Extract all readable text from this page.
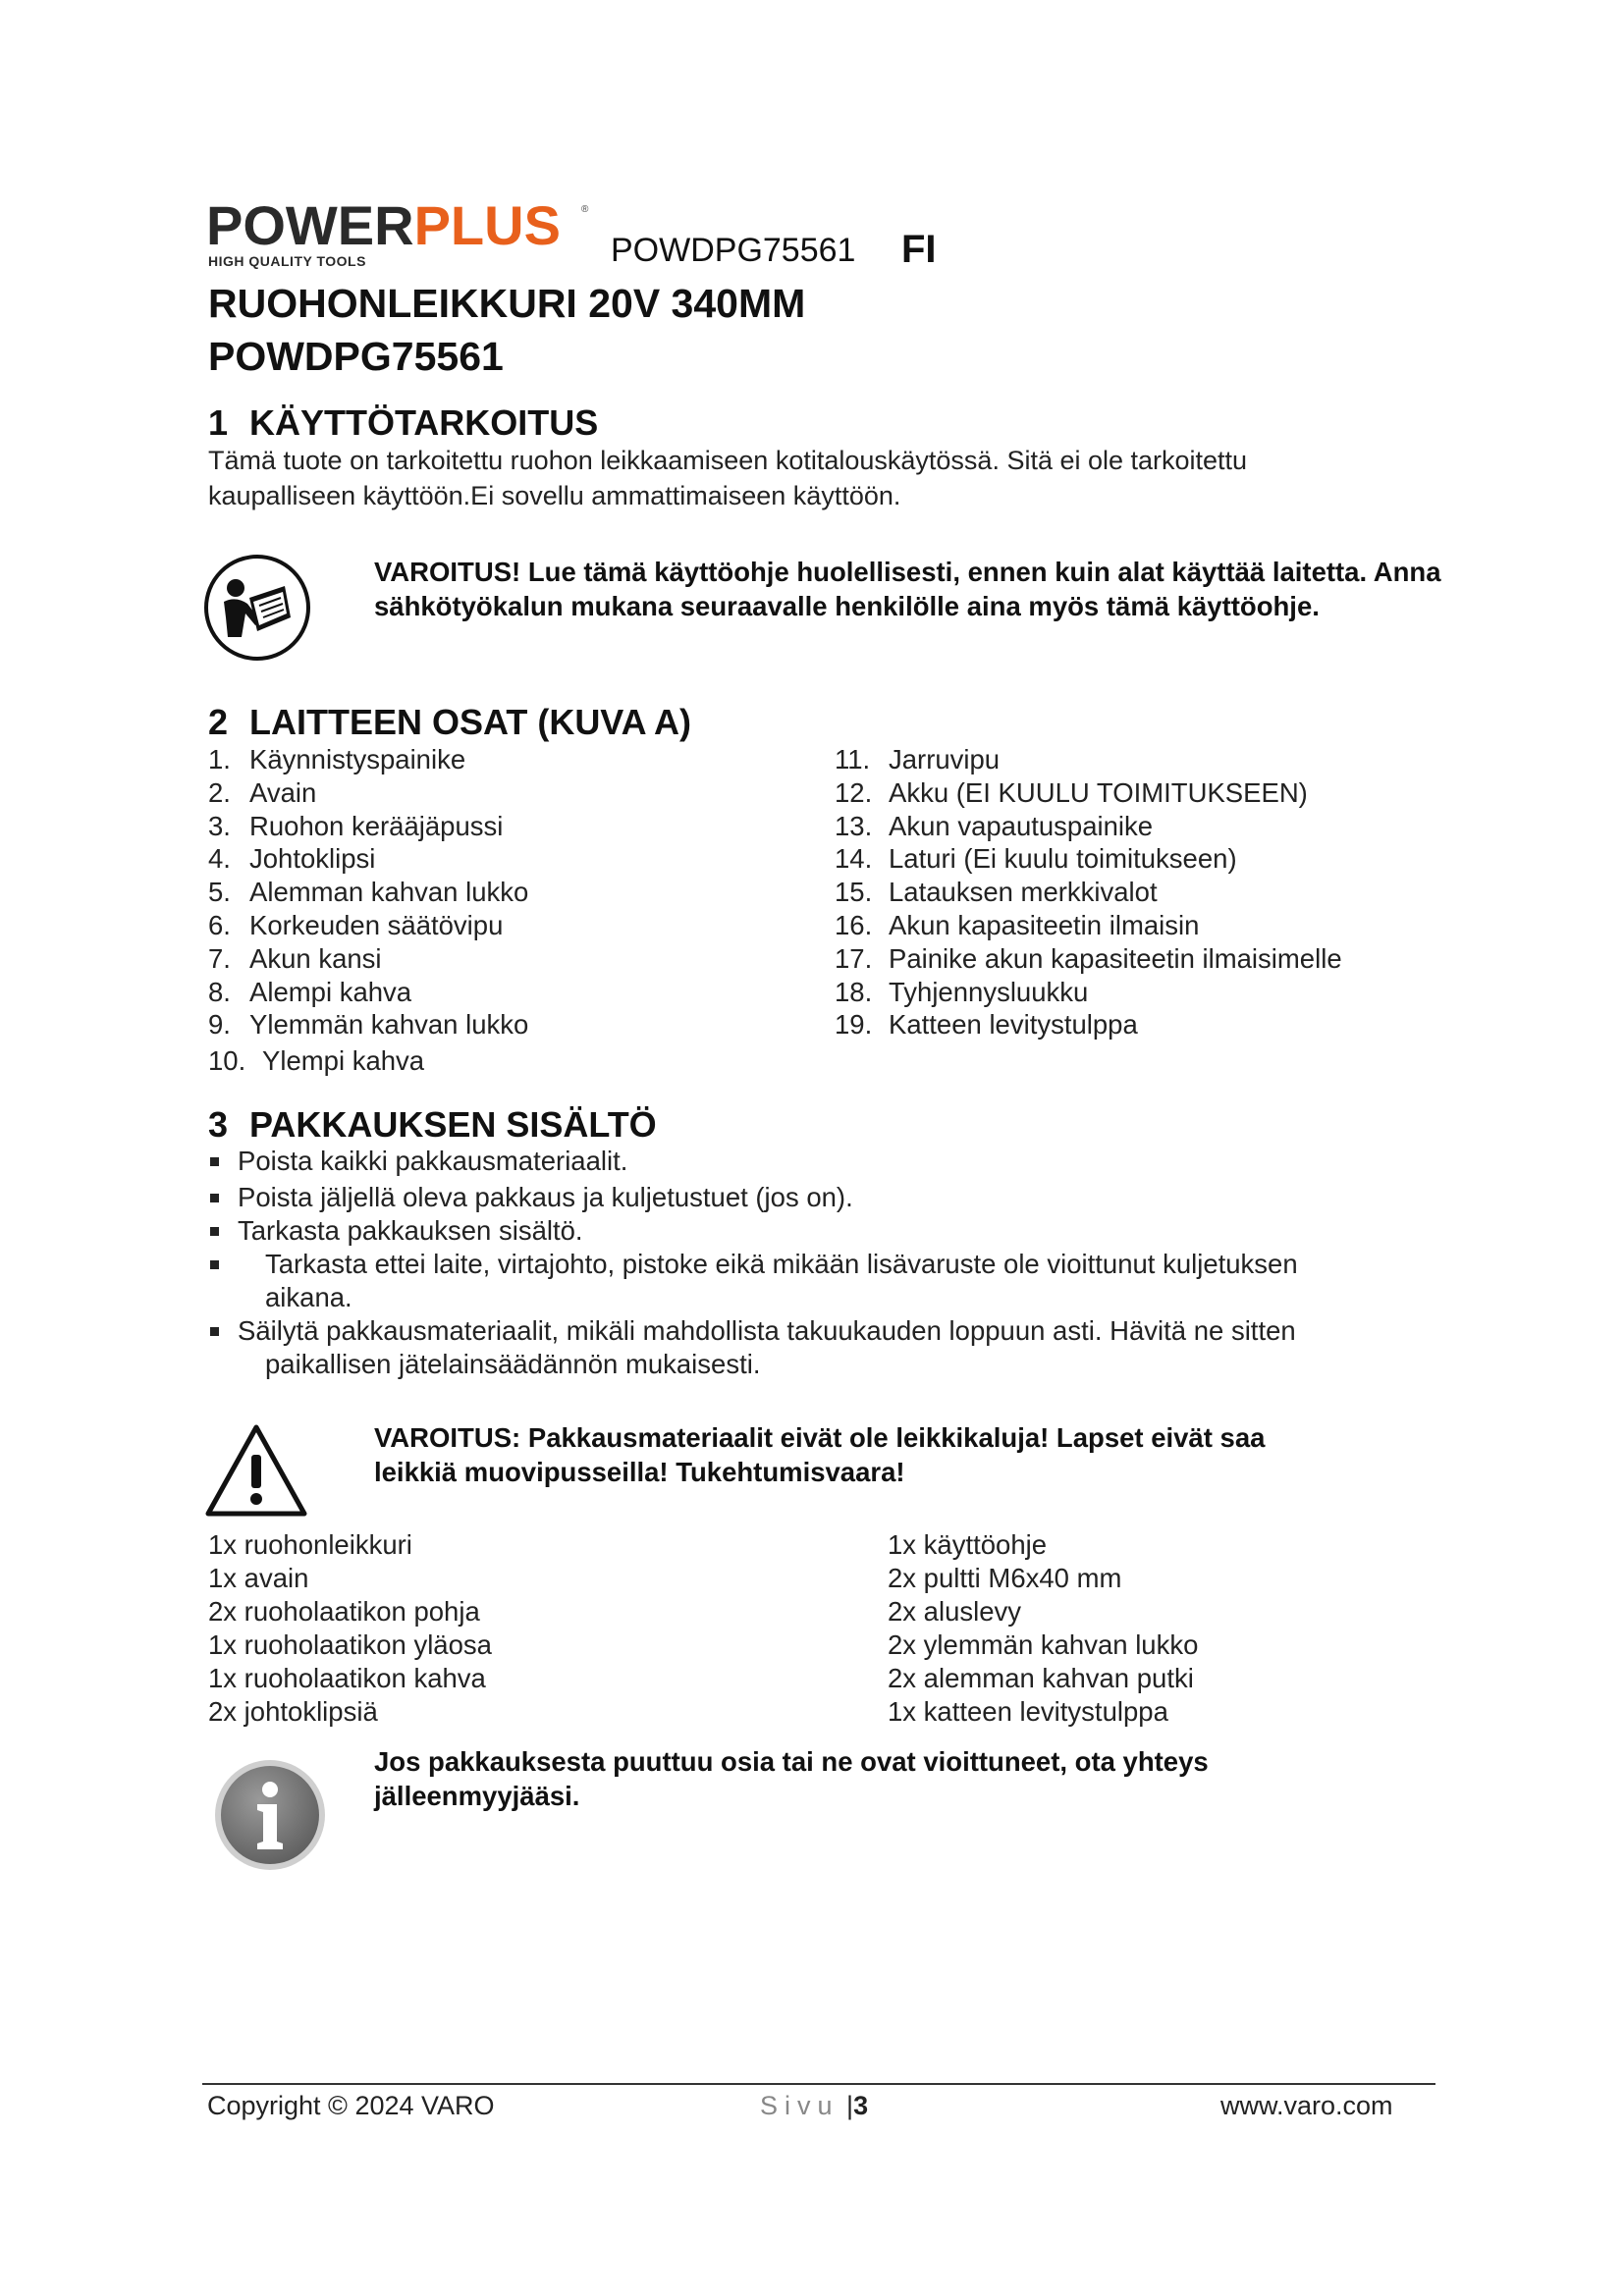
POWERPLUS	®
HIGH QUALITY TOOLS	POWDPG75561 FI
RUOHONLEIKKURI 20V 340MM
POWDPG75561
1 KÄYTTÖTARKOITUS
Tämä tuote on tarkoitettu ruohon leikkaamiseen kotitalouskäytössä. Sitä ei ole tarkoitettu
kaupalliseen käyttöön.Ei sovellu ammattimaiseen käyttöön.
VAROITUS! Lue tämä käyttöohje huolellisesti, ennen kuin alat käyttää laitetta. Anna sähkötyökalun mukana seuraavalle henkilölle aina myös tämä käyttöohje.
2 LAITTEEN OSAT (KUVA A)
1. Käynnistyspainike
2. Avain
3. Ruohon kerääjäpussi
4. Johtoklipsi
5. Alemman kahvan lukko
6. Korkeuden säätövipu
7. Akun kansi
8. Alempi kahva
9. Ylemmän kahvan lukko
10. Ylempi kahva
11. Jarruvipu
12. Akku (EI KUULU TOIMITUKSEEN)
13. Akun vapautuspainike
14. Laturi (Ei kuulu toimitukseen)
15. Latauksen merkkivalot
16. Akun kapasiteetin ilmaisin
17. Painike akun kapasiteetin ilmaisimelle
18. Tyhjennysluukku
19. Katteen levitystulppa
3 PAKKAUKSEN SISÄLTÖ
Poista kaikki pakkausmateriaalit.
Poista jäljellä oleva pakkaus ja kuljetustuet (jos on).
Tarkasta pakkauksen sisältö.
Tarkasta ettei laite, virtajohto, pistoke eikä mikään lisävaruste ole vioittunut kuljetuksen
aikana.
Säilytä pakkausmateriaalit, mikäli mahdollista takuukauden loppuun asti. Hävitä ne sitten
paikallisen jätelainsäädännön mukaisesti.
VAROITUS: Pakkausmateriaalit eivät ole leikkikaluja! Lapset eivät saa
leikkiä muovipusseilla! Tukehtumisvaara!
1x ruohonleikkuri
1x avain
2x ruoholaatikon pohja
1x ruoholaatikon yläosa
1x ruoholaatikon kahva
2x johtoklipsiä
1x käyttöohje
2x pultti M6x40 mm
2x aluslevy
2x ylemmän kahvan lukko
2x alemman kahvan putki
1x katteen levitystulppa
Jos pakkauksesta puuttuu osia tai ne ovat vioittuneet, ota yhteys
jälleenmyyjääsi.
Copyright © 2024 VARO	Sivu |3	www.varo.com
